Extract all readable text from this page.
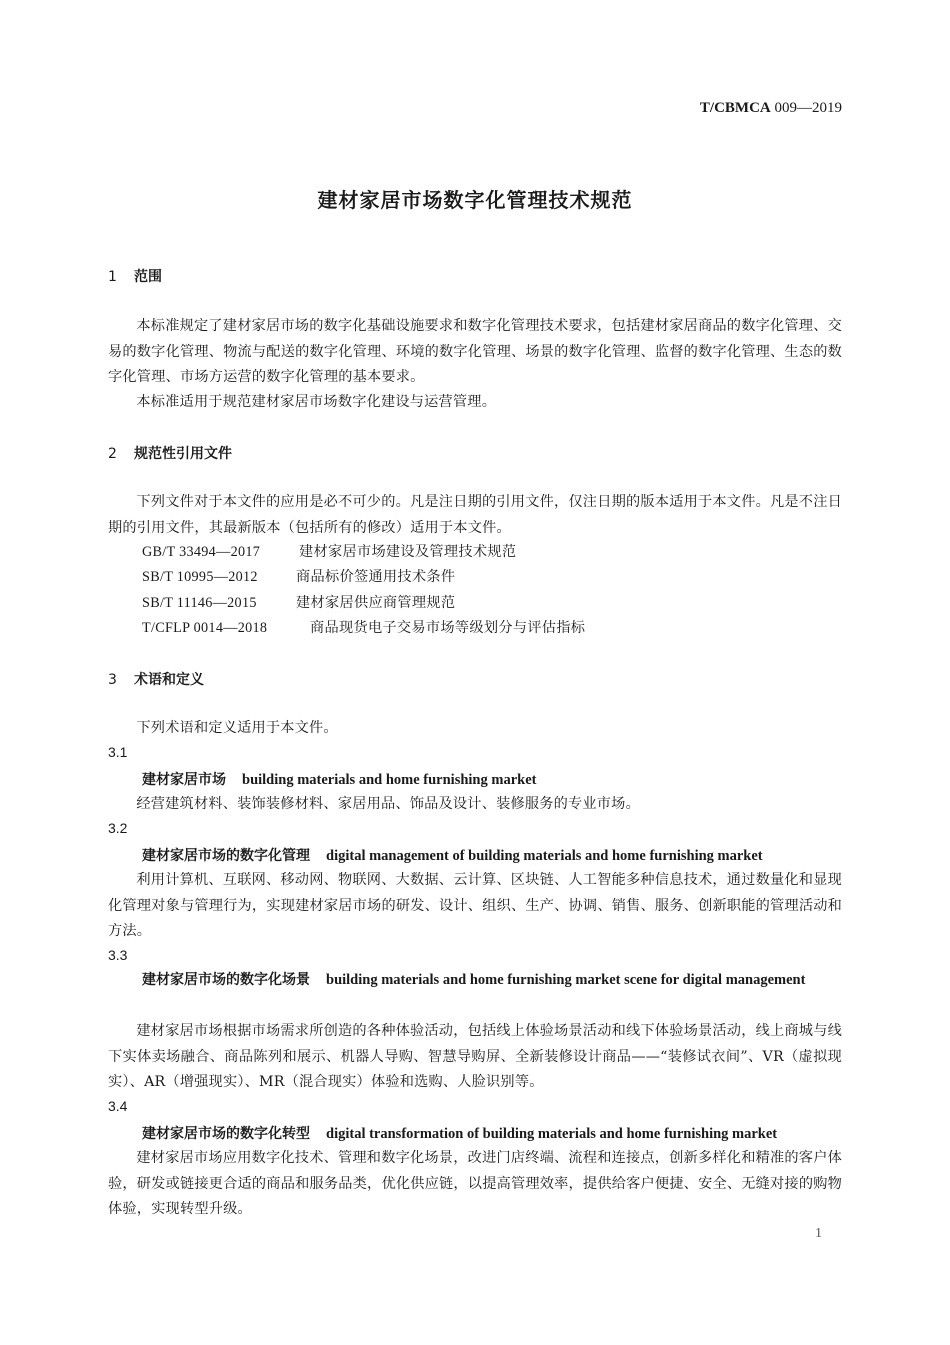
T/CBMCA 009—2019
建材家居市场数字化管理技术规范
1 范围
本标准规定了建材家居市场的数字化基础设施要求和数字化管理技术要求，包括建材家居商品的数字化管理、交易的数字化管理、物流与配送的数字化管理、环境的数字化管理、场景的数字化管理、监督的数字化管理、生态的数字化管理、市场方运营的数字化管理的基本要求。
本标准适用于规范建材家居市场数字化建设与运营管理。
2 规范性引用文件
下列文件对于本文件的应用是必不可少的。凡是注日期的引用文件，仅注日期的版本适用于本文件。凡是不注日期的引用文件，其最新版本（包括所有的修改）适用于本文件。
GB/T 33494—2017	建材家居市场建设及管理技术规范
SB/T 10995—2012	商品标价签通用技术条件
SB/T 11146—2015	建材家居供应商管理规范
T/CFLP 0014—2018	商品现货电子交易市场等级划分与评估指标
3 术语和定义
下列术语和定义适用于本文件。
3.1
建材家居市场 building materials and home furnishing market
经营建筑材料、装饰装修材料、家居用品、饰品及设计、装修服务的专业市场。
3.2
建材家居市场的数字化管理 digital management of building materials and home furnishing market
利用计算机、互联网、移动网、物联网、大数据、云计算、区块链、人工智能多种信息技术，通过数量化和显现化管理对象与管理行为，实现建材家居市场的研发、设计、组织、生产、协调、销售、服务、创新职能的管理活动和方法。
3.3
建材家居市场的数字化场景 building materials and home furnishing market scene for digital management
建材家居市场根据市场需求所创造的各种体验活动，包括线上体验场景活动和线下体验场景活动，线上商城与线下实体卖场融合、商品陈列和展示、机器人导购、智慧导购屏、全新装修设计商品——“装修试衣间”、VR（虚拟现实）、AR（增强现实）、MR（混合现实）体验和选购、人脸识别等。
3.4
建材家居市场的数字化转型 digital transformation of building materials and home furnishing market
建材家居市场应用数字化技术、管理和数字化场景，改进门店终端、流程和连接点，创新多样化和精准的客户体验，研发或链接更合适的商品和服务品类，优化供应链，以提高管理效率，提供给客户便捷、安全、无缝对接的购物体验，实现转型升级。
1
